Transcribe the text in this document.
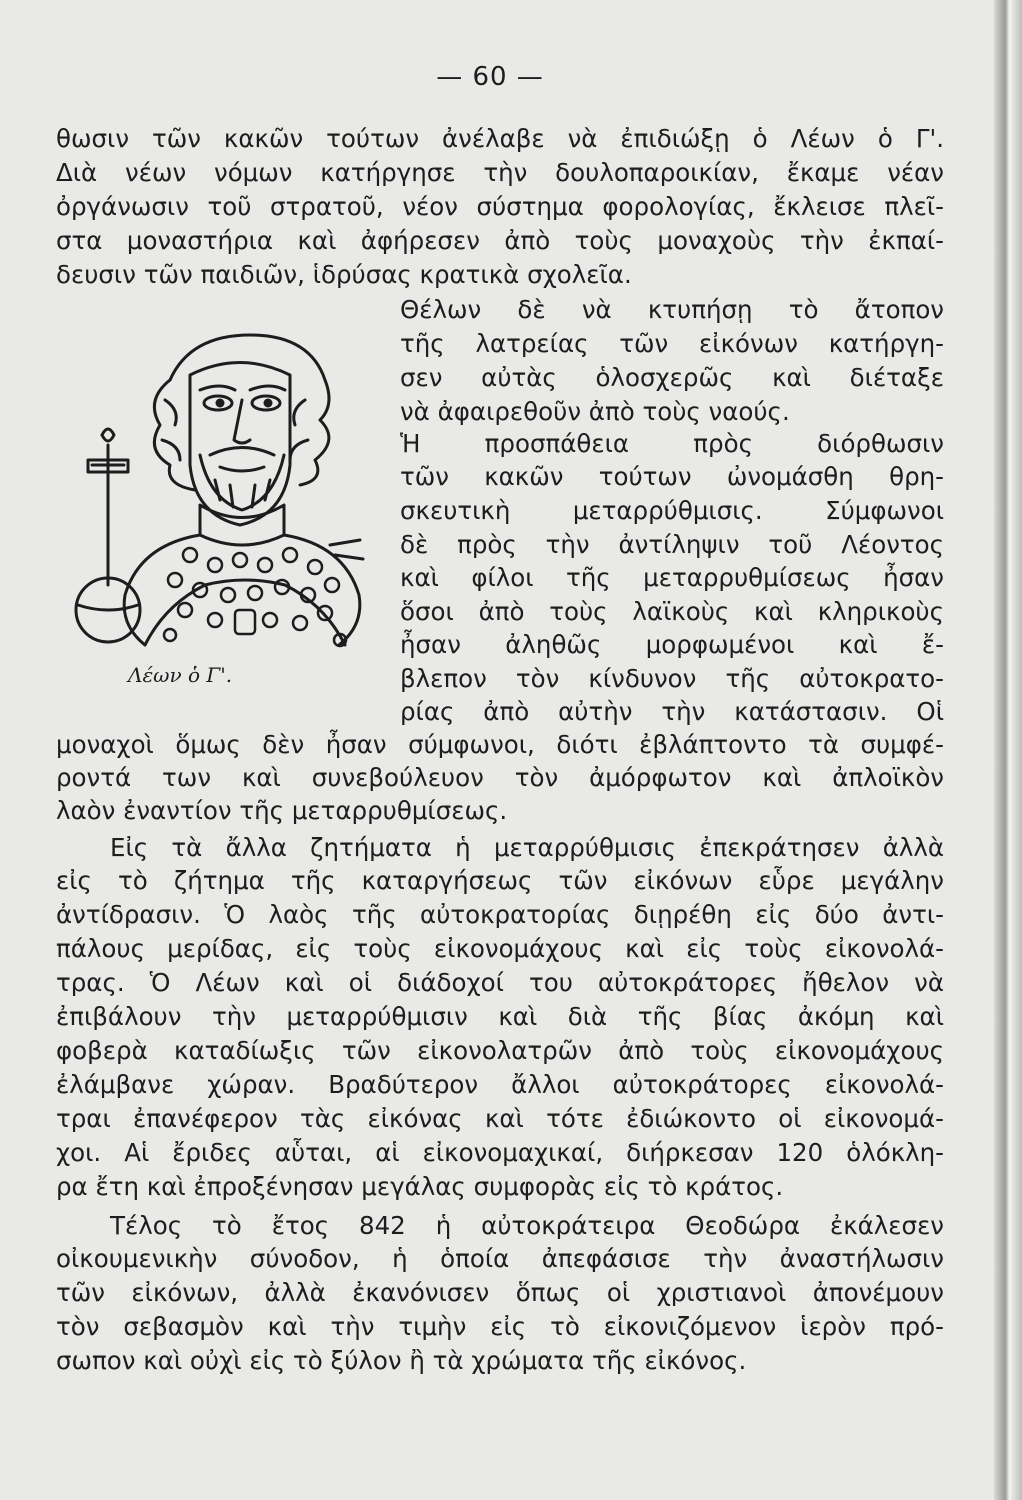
— 60 —
θωσιν τῶν κακῶν τούτων ἀνέλαβε νὰ ἐπιδιώξῃ ὁ Λέων ὁ Γ'.
Διὰ νέων νόμων κατήργησε τὴν δουλοπαροικίαν, ἔκαμε νέαν
ὀργάνωσιν τοῦ στρατοῦ, νέον σύστημα φορολογίας, ἔκλεισε πλεῖ-
στα μοναστήρια καὶ ἀφήρεσεν ἀπὸ τοὺς μοναχοὺς τὴν ἐκπαί-
δευσιν τῶν παιδιῶν, ἱδρύσας κρατικὰ σχολεῖα.
Λέων ὁ Γ'.
Θέλων δὲ νὰ κτυπήσῃ τὸ ἄτοπον
τῆς λατρείας τῶν εἰκόνων κατήργη-
σεν αὐτὰς ὁλοσχερῶς καὶ διέταξε
νὰ ἀφαιρεθοῦν ἀπὸ τοὺς ναούς.
Ἡ προσπάθεια πρὸς διόρθωσιν
τῶν κακῶν τούτων ὠνομάσθη θρη-
σκευτικὴ μεταρρύθμισις. Σύμφωνοι
δὲ πρὸς τὴν ἀντίληψιν τοῦ Λέοντος
καὶ φίλοι τῆς μεταρρυθμίσεως ἦσαν
ὅσοι ἀπὸ τοὺς λαϊκοὺς καὶ κληρικοὺς
ἦσαν ἀληθῶς μορφωμένοι καὶ ἔ-
βλεπον τὸν κίνδυνον τῆς αὐτοκρατο-
ρίας ἀπὸ αὐτὴν τὴν κατάστασιν. Οἱ
μοναχοὶ ὅμως δὲν ἦσαν σύμφωνοι, διότι ἐβλάπτοντο τὰ συμφέ-
ροντά των καὶ συνεβούλευον τὸν ἀμόρφωτον καὶ ἀπλοϊκὸν
λαὸν ἐναντίον τῆς μεταρρυθμίσεως.
Εἰς τὰ ἄλλα ζητήματα ἡ μεταρρύθμισις ἐπεκράτησεν ἀλλὰ
εἰς τὸ ζήτημα τῆς καταργήσεως τῶν εἰκόνων εὗρε μεγάλην
ἀντίδρασιν. Ὁ λαὸς τῆς αὐτοκρατορίας διῃρέθη εἰς δύο ἀντι-
πάλους μερίδας, εἰς τοὺς εἰκονομάχους καὶ εἰς τοὺς εἰκονολά-
τρας. Ὁ Λέων καὶ οἱ διάδοχοί του αὐτοκράτορες ἤθελον νὰ
ἐπιβάλουν τὴν μεταρρύθμισιν καὶ διὰ τῆς βίας ἀκόμη καὶ
φοβερὰ καταδίωξις τῶν εἰκονολατρῶν ἀπὸ τοὺς εἰκονομάχους
ἐλάμβανε χώραν. Βραδύτερον ἄλλοι αὐτοκράτορες εἰκονολά-
τραι ἐπανέφερον τὰς εἰκόνας καὶ τότε ἐδιώκοντο οἱ εἰκονομά-
χοι. Αἱ ἔριδες αὗται, αἱ εἰκονομαχικαί, διήρκεσαν 120 ὁλόκλη-
ρα ἔτη καὶ ἐπροξένησαν μεγάλας συμφορὰς εἰς τὸ κράτος.
Τέλος τὸ ἔτος 842 ἡ αὐτοκράτειρα Θεοδώρα ἐκάλεσεν
οἰκουμενικὴν σύνοδον, ἡ ὁποία ἀπεφάσισε τὴν ἀναστήλωσιν
τῶν εἰκόνων, ἀλλὰ ἐκανόνισεν ὅπως οἱ χριστιανοὶ ἀπονέμουν
τὸν σεβασμὸν καὶ τὴν τιμὴν εἰς τὸ εἰκονιζόμενον ἱερὸν πρό-
σωπον καὶ οὐχὶ εἰς τὸ ξύλον ἢ τὰ χρώματα τῆς εἰκόνος.
